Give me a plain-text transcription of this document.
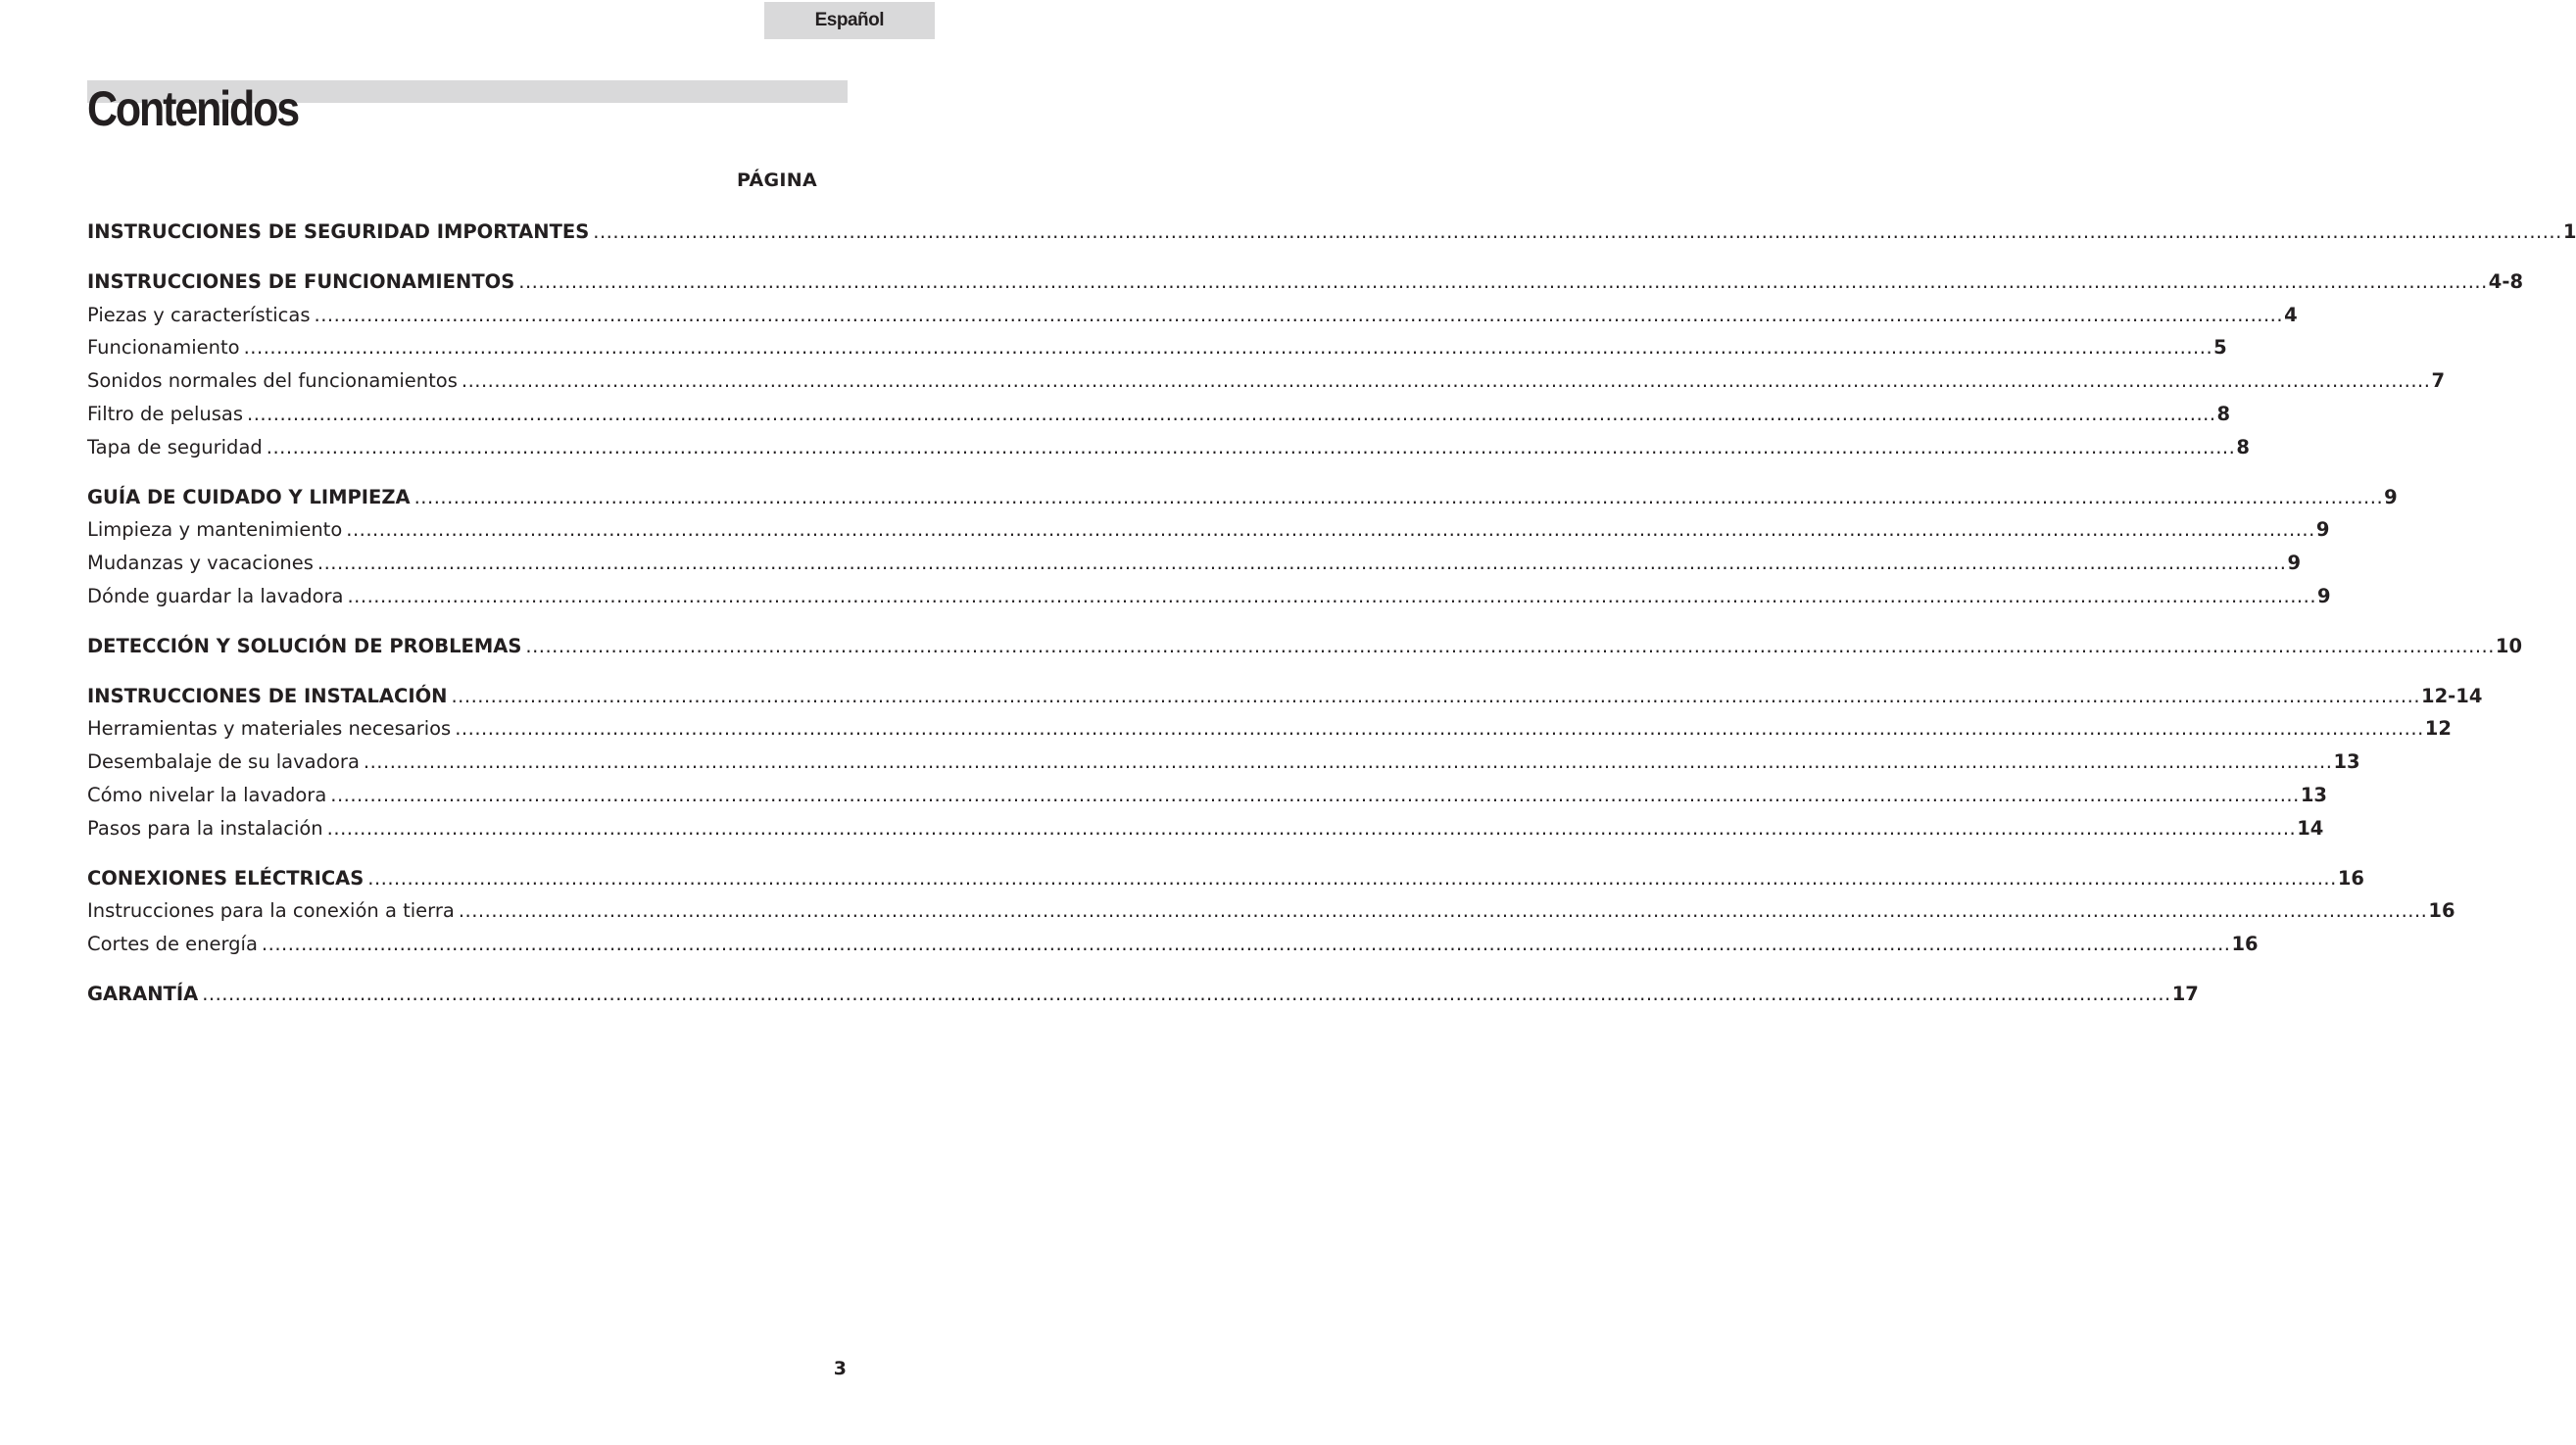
Español
Contenidos
PÁGINA
INSTRUCCIONES DE SEGURIDAD IMPORTANTES ............................................................................................................................................................................................................................................................................................................ 1
INSTRUCCIONES DE FUNCIONAMIENTOS ............................................................................................................................................................................................................................................................................................................ 4-8
Piezas y características ............................................................................................................................................................................................................................................................................................................ 4
Funcionamiento ............................................................................................................................................................................................................................................................................................................ 5
Sonidos normales del funcionamientos ............................................................................................................................................................................................................................................................................................................ 7
Filtro de pelusas ............................................................................................................................................................................................................................................................................................................ 8
Tapa de seguridad ............................................................................................................................................................................................................................................................................................................ 8
GUÍA DE CUIDADO Y LIMPIEZA ............................................................................................................................................................................................................................................................................................................ 9
Limpieza y mantenimiento ............................................................................................................................................................................................................................................................................................................ 9
Mudanzas y vacaciones ............................................................................................................................................................................................................................................................................................................ 9
Dónde guardar la lavadora ............................................................................................................................................................................................................................................................................................................ 9
DETECCIÓN Y SOLUCIÓN DE PROBLEMAS ............................................................................................................................................................................................................................................................................................................ 10
INSTRUCCIONES DE INSTALACIÓN ............................................................................................................................................................................................................................................................................................................ 12-14
Herramientas y materiales necesarios ............................................................................................................................................................................................................................................................................................................ 12
Desembalaje de su lavadora ............................................................................................................................................................................................................................................................................................................ 13
Cómo nivelar la lavadora ............................................................................................................................................................................................................................................................................................................ 13
Pasos para la instalación ............................................................................................................................................................................................................................................................................................................ 14
CONEXIONES ELÉCTRICAS ............................................................................................................................................................................................................................................................................................................ 16
Instrucciones para la conexión a tierra ............................................................................................................................................................................................................................................................................................................ 16
Cortes de energía ............................................................................................................................................................................................................................................................................................................ 16
GARANTÍA ............................................................................................................................................................................................................................................................................................................ 17
3
